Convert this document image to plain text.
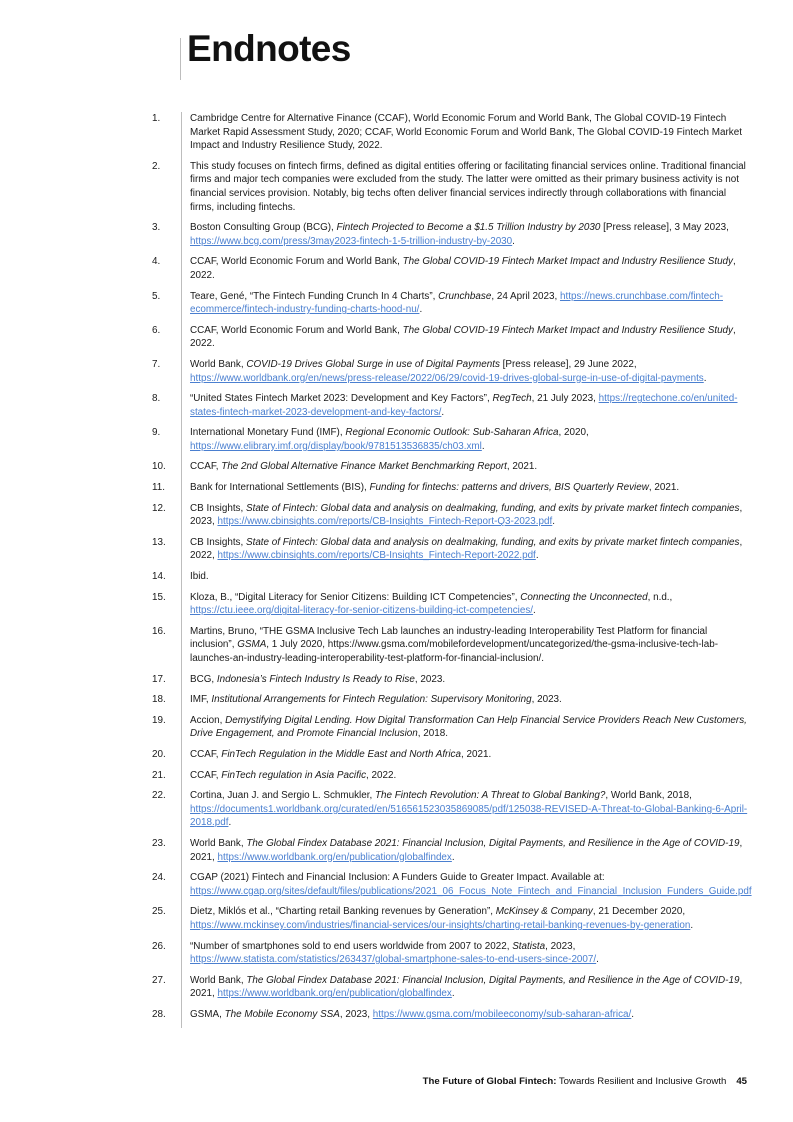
Endnotes
1.	Cambridge Centre for Alternative Finance (CCAF), World Economic Forum and World Bank, The Global COVID-19 Fintech Market Rapid Assessment Study, 2020; CCAF, World Economic Forum and World Bank, The Global COVID-19 Fintech Market Impact and Industry Resilience Study, 2022.
2.	This study focuses on fintech firms, defined as digital entities offering or facilitating financial services online. Traditional financial firms and major tech companies were excluded from the study. The latter were omitted as their primary business activity is not financial services provision. Notably, big techs often deliver financial services indirectly through collaborations with financial firms, including fintechs.
3.	Boston Consulting Group (BCG), Fintech Projected to Become a $1.5 Trillion Industry by 2030 [Press release], 3 May 2023, https://www.bcg.com/press/3may2023-fintech-1-5-trillion-industry-by-2030.
4.	CCAF, World Economic Forum and World Bank, The Global COVID-19 Fintech Market Impact and Industry Resilience Study, 2022.
5.	Teare, Gené, “The Fintech Funding Crunch In 4 Charts”, Crunchbase, 24 April 2023, https://news.crunchbase.com/fintech-ecommerce/fintech-industry-funding-charts-hood-nu/.
6.	CCAF, World Economic Forum and World Bank, The Global COVID-19 Fintech Market Impact and Industry Resilience Study, 2022.
7.	World Bank, COVID-19 Drives Global Surge in use of Digital Payments [Press release], 29 June 2022, https://www.worldbank.org/en/news/press-release/2022/06/29/covid-19-drives-global-surge-in-use-of-digital-payments.
8.	“United States Fintech Market 2023: Development and Key Factors”, RegTech, 21 July 2023, https://regtechone.co/en/united-states-fintech-market-2023-development-and-key-factors/.
9.	International Monetary Fund (IMF), Regional Economic Outlook: Sub-Saharan Africa, 2020, https://www.elibrary.imf.org/display/book/9781513536835/ch03.xml.
10.	CCAF, The 2nd Global Alternative Finance Market Benchmarking Report, 2021.
11.	Bank for International Settlements (BIS), Funding for fintechs: patterns and drivers, BIS Quarterly Review, 2021.
12.	CB Insights, State of Fintech: Global data and analysis on dealmaking, funding, and exits by private market fintech companies, 2023, https://www.cbinsights.com/reports/CB-Insights_Fintech-Report-Q3-2023.pdf.
13.	CB Insights, State of Fintech: Global data and analysis on dealmaking, funding, and exits by private market fintech companies, 2022, https://www.cbinsights.com/reports/CB-Insights_Fintech-Report-2022.pdf.
14.	Ibid.
15.	Kloza, B., “Digital Literacy for Senior Citizens: Building ICT Competencies”, Connecting the Unconnected, n.d., https://ctu.ieee.org/digital-literacy-for-senior-citizens-building-ict-competencies/.
16.	Martins, Bruno, “THE GSMA Inclusive Tech Lab launches an industry-leading Interoperability Test Platform for financial inclusion”, GSMA, 1 July 2020, https://www.gsma.com/mobilefordevelopment/uncategorized/the-gsma-inclusive-tech-lab-launches-an-industry-leading-interoperability-test-platform-for-financial-inclusion/.
17.	BCG, Indonesia’s Fintech Industry Is Ready to Rise, 2023.
18.	IMF, Institutional Arrangements for Fintech Regulation: Supervisory Monitoring, 2023.
19.	Accion, Demystifying Digital Lending. How Digital Transformation Can Help Financial Service Providers Reach New Customers, Drive Engagement, and Promote Financial Inclusion, 2018.
20.	CCAF, FinTech Regulation in the Middle East and North Africa, 2021.
21.	CCAF, FinTech regulation in Asia Pacific, 2022.
22.	Cortina, Juan J. and Sergio L. Schmukler, The Fintech Revolution: A Threat to Global Banking?, World Bank, 2018, https://documents1.worldbank.org/curated/en/516561523035869085/pdf/125038-REVISED-A-Threat-to-Global-Banking-6-April-2018.pdf.
23.	World Bank, The Global Findex Database 2021: Financial Inclusion, Digital Payments, and Resilience in the Age of COVID-19, 2021, https://www.worldbank.org/en/publication/globalfindex.
24.	CGAP (2021) Fintech and Financial Inclusion: A Funders Guide to Greater Impact. Available at: https://www.cgap.org/sites/default/files/publications/2021_06_Focus_Note_Fintech_and_Financial_Inclusion_Funders_Guide.pdf
25.	Dietz, Miklós et al., “Charting retail Banking revenues by Generation”, McKinsey & Company, 21 December 2020, https://www.mckinsey.com/industries/financial-services/our-insights/charting-retail-banking-revenues-by-generation.
26.	“Number of smartphones sold to end users worldwide from 2007 to 2022, Statista, 2023, https://www.statista.com/statistics/263437/global-smartphone-sales-to-end-users-since-2007/.
27.	World Bank, The Global Findex Database 2021: Financial Inclusion, Digital Payments, and Resilience in the Age of COVID-19, 2021, https://www.worldbank.org/en/publication/globalfindex.
28.	GSMA, The Mobile Economy SSA, 2023, https://www.gsma.com/mobileeconomy/sub-saharan-africa/.
The Future of Global Fintech: Towards Resilient and Inclusive Growth 45
